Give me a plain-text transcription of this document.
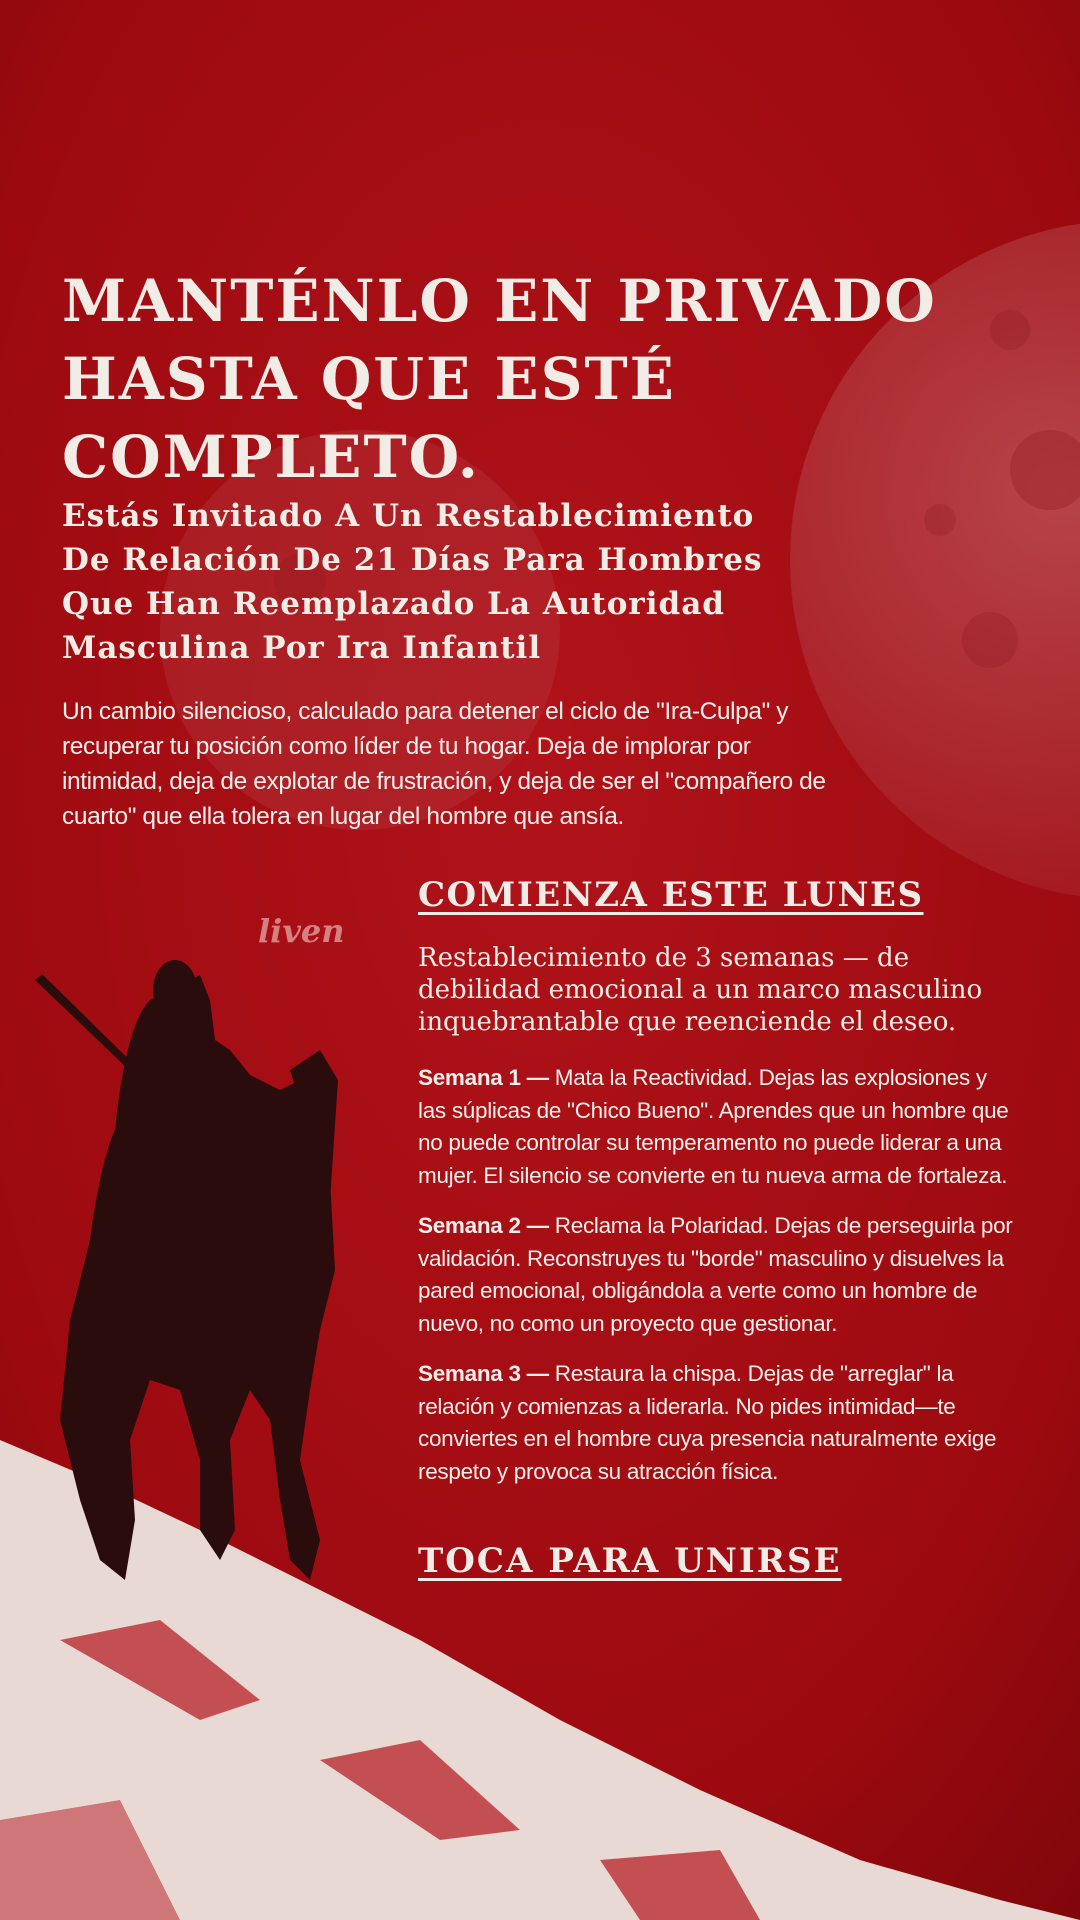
MANTÉNLO EN PRIVADO HASTA QUE ESTÉ COMPLETO.
Estás Invitado A Un Restablecimiento De Relación De 21 Días Para Hombres Que Han Reemplazado La Autoridad Masculina Por Ira Infantil

Un cambio silencioso, calculado para detener el ciclo de "Ira-Culpa" y recuperar tu posición como líder de tu hogar. Deja de implorar por intimidad, deja de explotar de frustración, y deja de ser el "compañero de cuarto" que ella tolera en lugar del hombre que ansía.

liven
COMIENZA ESTE LUNES

Restablecimiento de 3 semanas — de debilidad emocional a un marco masculino inquebrantable que reenciende el deseo.

Semana 1 — Mata la Reactividad. Dejas las explosiones y las súplicas de "Chico Bueno". Aprendes que un hombre que no puede controlar su temperamento no puede liderar a una mujer. El silencio se convierte en tu nueva arma de fortaleza.

Semana 2 — Reclama la Polaridad. Dejas de perseguirla por validación. Reconstruyes tu "borde" masculino y disuelves la pared emocional, obligándola a verte como un hombre de nuevo, no como un proyecto que gestionar.

Semana 3 — Restaura la chispa. Dejas de "arreglar" la relación y comienzas a liderarla. No pides intimidad—te conviertes en el hombre cuya presencia naturalmente exige respeto y provoca su atracción física.

TOCA PARA UNIRSE
